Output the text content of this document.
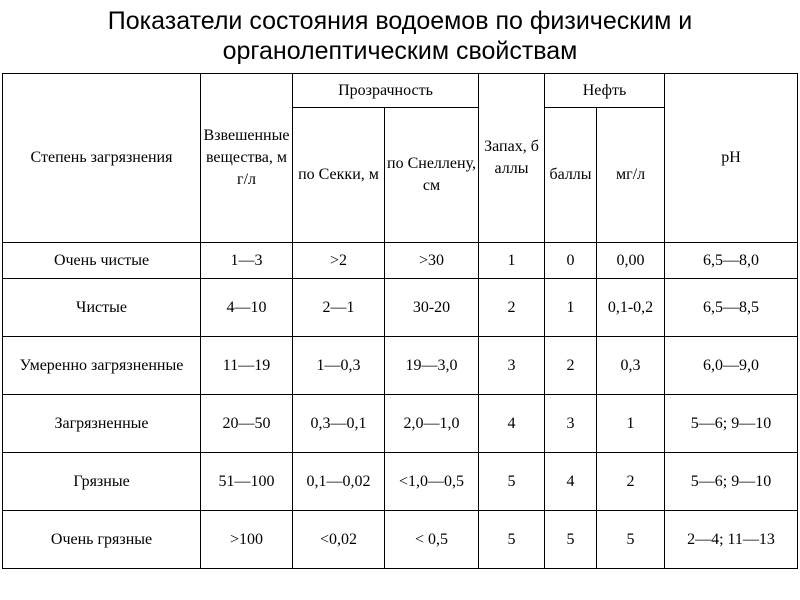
Показатели состояния водоемов по физическим и
органолептическим свойствам
Степень загрязнения	Взвешенные вещества, мг/л	Прозрачность		Запах, баллы	Нефть		pH
		по Секки, м	по Снеллену, см		баллы	мг/л	
Очень чистые	1—3	>2	>30	1	0	0,00	6,5—8,0
Чистые	4—10	2—1	30-20	2	1	0,1-0,2	6,5—8,5
Умеренно загрязненные	11—19	1—0,3	19—3,0	3	2	0,3	6,0—9,0
Загрязненные	20—50	0,3—0,1	2,0—1,0	4	3	1	5—6; 9—10
Грязные	51—100	0,1—0,02	<1,0—0,5	5	4	2	5—6; 9—10
Очень грязные	>100	<0,02	< 0,5	5	5	5	2—4; 11—13
